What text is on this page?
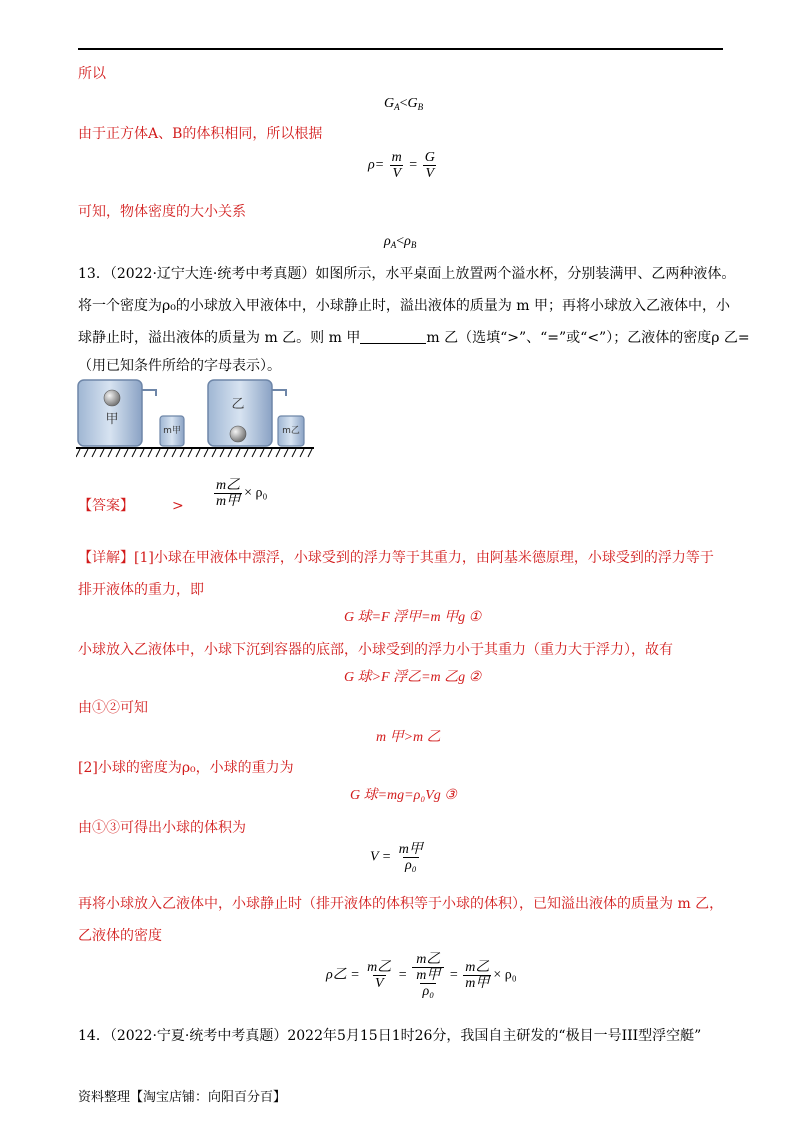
所以
$G_A<G_B$
由于正方体A、B的体积相同，所以根据
$\rho= \frac{m}{V} = \frac{G}{V}$
可知，物体密度的大小关系
$\rho_A<\rho_B$
13．（2022·辽宁大连·统考中考真题）如图所示，水平桌面上放置两个溢水杯，分别装满甲、乙两种液体。
将一个密度为ρ₀的小球放入甲液体中，小球静止时，溢出液体的质量为 m 甲；再将小球放入乙液体中，小
球静止时，溢出液体的质量为 m 乙。则 m 甲	m 乙（选填“>”、“=”或“<”）；乙液体的密度ρ 乙=
（用已知条件所给的字母表示）。
甲
m甲
乙
m乙
【答案】	> $\frac{\text{m乙}}{\text{m甲}} \times \rho_0$
【详解】[1]小球在甲液体中漂浮，小球受到的浮力等于其重力，由阿基米德原理，小球受到的浮力等于
排开液体的重力，即
G 球=F 浮甲=m 甲g ①
小球放入乙液体中，小球下沉到容器的底部，小球受到的浮力小于其重力（重力大于浮力），故有
G 球>F 浮乙=m 乙g ②
由①②可知
m 甲>m 乙
[2]小球的密度为ρ₀，小球的重力为
G 球=mg=ρ₀Vg ③
由①③可得出小球的体积为
$V = \frac{\text{m甲}}{\text{ρ₀}}$
再将小球放入乙液体中，小球静止时（排开液体的体积等于小球的体积），已知溢出液体的质量为 m 乙，
乙液体的密度
ρ乙 = $\frac{\text{m乙}}{V} = \frac{\text{m乙}}{\frac{\text{m甲}}{\text{ρ₀}}} = \frac{\text{m乙}}{\text{m甲}} \times \rho_0$
14．（2022·宁夏·统考中考真题）2022年5月15日1时26分，我国自主研发的“极目一号III型浮空艇”
资料整理【淘宝店铺：向阳百分百】
